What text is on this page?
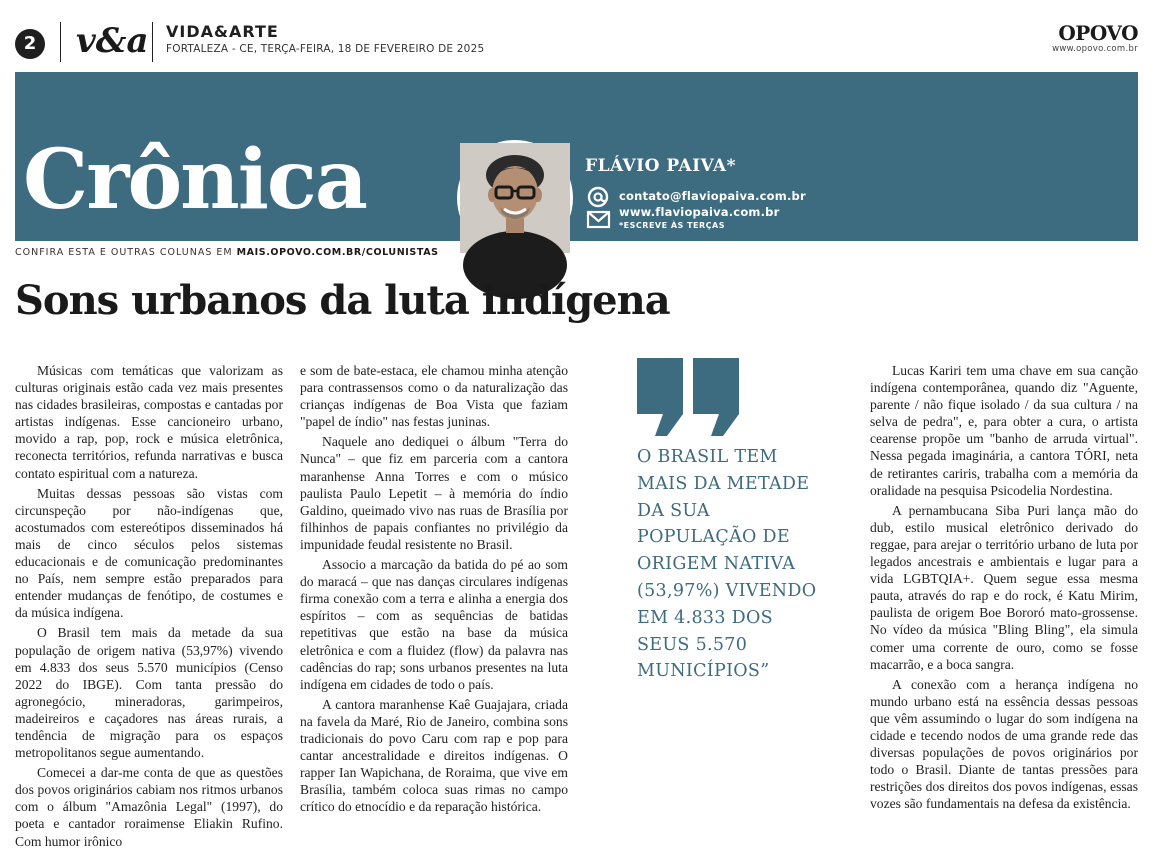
2 v&a VIDA&ARTE
FORTALEZA - CE, TERÇA-FEIRA, 18 DE FEVEREIRO DE 2025
OPOVO
www.opovo.com.br
Crônica	FLÁVIO PAIVA*
contato@flaviopaiva.com.br
www.flaviopaiva.com.br
*ESCREVE ÀS TERÇAS
CONFIRA ESTA E OUTRAS COLUNAS EM MAIS.OPOVO.COM.BR/COLUNISTAS
Sons urbanos da luta indígena

Músicas com temáticas que valorizam as culturas originais estão cada vez mais presentes nas cidades brasileiras, compostas e cantadas por artistas indígenas. Esse cancioneiro urbano, movido a rap, pop, rock e música eletrônica, reconecta territórios, refunda narrativas e busca contato espiritual com a natureza.

Muitas dessas pessoas são vistas com circunspeção por não-indígenas que, acostumados com estereótipos disseminados há mais de cinco séculos pelos sistemas educacionais e de comunicação predominantes no País, nem sempre estão preparados para entender mudanças de fenótipo, de costumes e da música indígena.

O Brasil tem mais da metade da sua população de origem nativa (53,97%) vivendo em 4.833 dos seus 5.570 municípios (Censo 2022 do IBGE). Com tanta pressão do agronegócio, mineradoras, garimpeiros, madeireiros e caçadores nas áreas rurais, a tendência de migração para os espaços metropolitanos segue aumentando.

Comecei a dar-me conta de que as questões dos povos originários cabiam nos ritmos urbanos com o álbum "Amazônia Legal" (1997), do poeta e cantador roraimense Eliakin Rufino. Com humor irônico

e som de bate-estaca, ele chamou minha atenção para contrassensos como o da naturalização das crianças indígenas de Boa Vista que faziam "papel de índio" nas festas juninas.

Naquele ano dediquei o álbum "Terra do Nunca" – que fiz em parceria com a cantora maranhense Anna Torres e com o músico paulista Paulo Lepetit – à memória do índio Galdino, queimado vivo nas ruas de Brasília por filhinhos de papais confiantes no privilégio da impunidade feudal resistente no Brasil.

Associo a marcação da batida do pé ao som do maracá – que nas danças circulares indígenas firma conexão com a terra e alinha a energia dos espíritos – com as sequências de batidas repetitivas que estão na base da música eletrônica e com a fluidez (flow) da palavra nas cadências do rap; sons urbanos presentes na luta indígena em cidades de todo o país.

A cantora maranhense Kaê Guajajara, criada na favela da Maré, Rio de Janeiro, combina sons tradicionais do povo Caru com rap e pop para cantar ancestralidade e direitos indígenas. O rapper Ian Wapichana, de Roraima, que vive em Brasília, também coloca suas rimas no campo crítico do etnocídio e da reparação histórica.

O BRASIL TEM MAIS DA METADE DA SUA POPULAÇÃO DE ORIGEM NATIVA (53,97%) VIVENDO EM 4.833 DOS SEUS 5.570 MUNICÍPIOS”

Lucas Kariri tem uma chave em sua canção indígena contemporânea, quando diz "Aguente, parente / não fique isolado / da sua cultura / na selva de pedra", e, para obter a cura, o artista cearense propõe um "banho de arruda virtual". Nessa pegada imaginária, a cantora TÓRI, neta de retirantes cariris, trabalha com a memória da oralidade na pesquisa Psicodelia Nordestina.

A pernambucana Siba Puri lança mão do dub, estilo musical eletrônico derivado do reggae, para arejar o território urbano de luta por legados ancestrais e ambientais e lugar para a vida LGBTQIA+. Quem segue essa mesma pauta, através do rap e do rock, é Katu Mirim, paulista de origem Boe Bororó mato-grossense. No vídeo da música "Bling Bling", ela simula comer uma corrente de ouro, como se fosse macarrão, e a boca sangra.

A conexão com a herança indígena no mundo urbano está na essência dessas pessoas que vêm assumindo o lugar do som indígena na cidade e tecendo nodos de uma grande rede das diversas populações de povos originários por todo o Brasil. Diante de tantas pressões para restrições dos direitos dos povos indígenas, essas vozes são fundamentais na defesa da existência.
